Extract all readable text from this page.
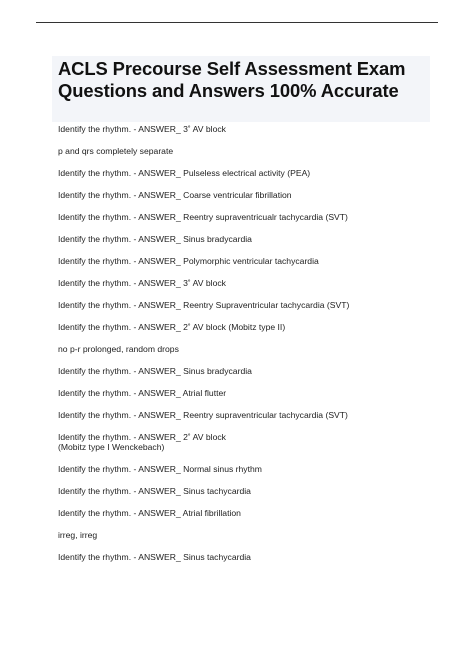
ACLS Precourse Self Assessment Exam
Questions and Answers 100% Accurate
Identify the rhythm. - ANSWER_ 3˚ AV block
p and qrs completely separate
Identify the rhythm. - ANSWER_ Pulseless electrical activity (PEA)
Identify the rhythm. - ANSWER_ Coarse ventricular fibrillation
Identify the rhythm. - ANSWER_ Reentry supraventricualr tachycardia (SVT)
Identify the rhythm. - ANSWER_ Sinus bradycardia
Identify the rhythm. - ANSWER_ Polymorphic ventricular tachycardia
Identify the rhythm. - ANSWER_ 3˚ AV block
Identify the rhythm. - ANSWER_ Reentry Supraventricular tachycardia (SVT)
Identify the rhythm. - ANSWER_ 2˚ AV block (Mobitz type II)
no p-r prolonged, random drops
Identify the rhythm. - ANSWER_ Sinus bradycardia
Identify the rhythm. - ANSWER_ Atrial flutter
Identify the rhythm. - ANSWER_ Reentry supraventricular tachycardia (SVT)
Identify the rhythm. - ANSWER_ 2˚ AV block
(Mobitz type I Wenckebach)
Identify the rhythm. - ANSWER_ Normal sinus rhythm
Identify the rhythm. - ANSWER_ Sinus tachycardia
Identify the rhythm. - ANSWER_ Atrial fibrillation
irreg, irreg
Identify the rhythm. - ANSWER_ Sinus tachycardia
